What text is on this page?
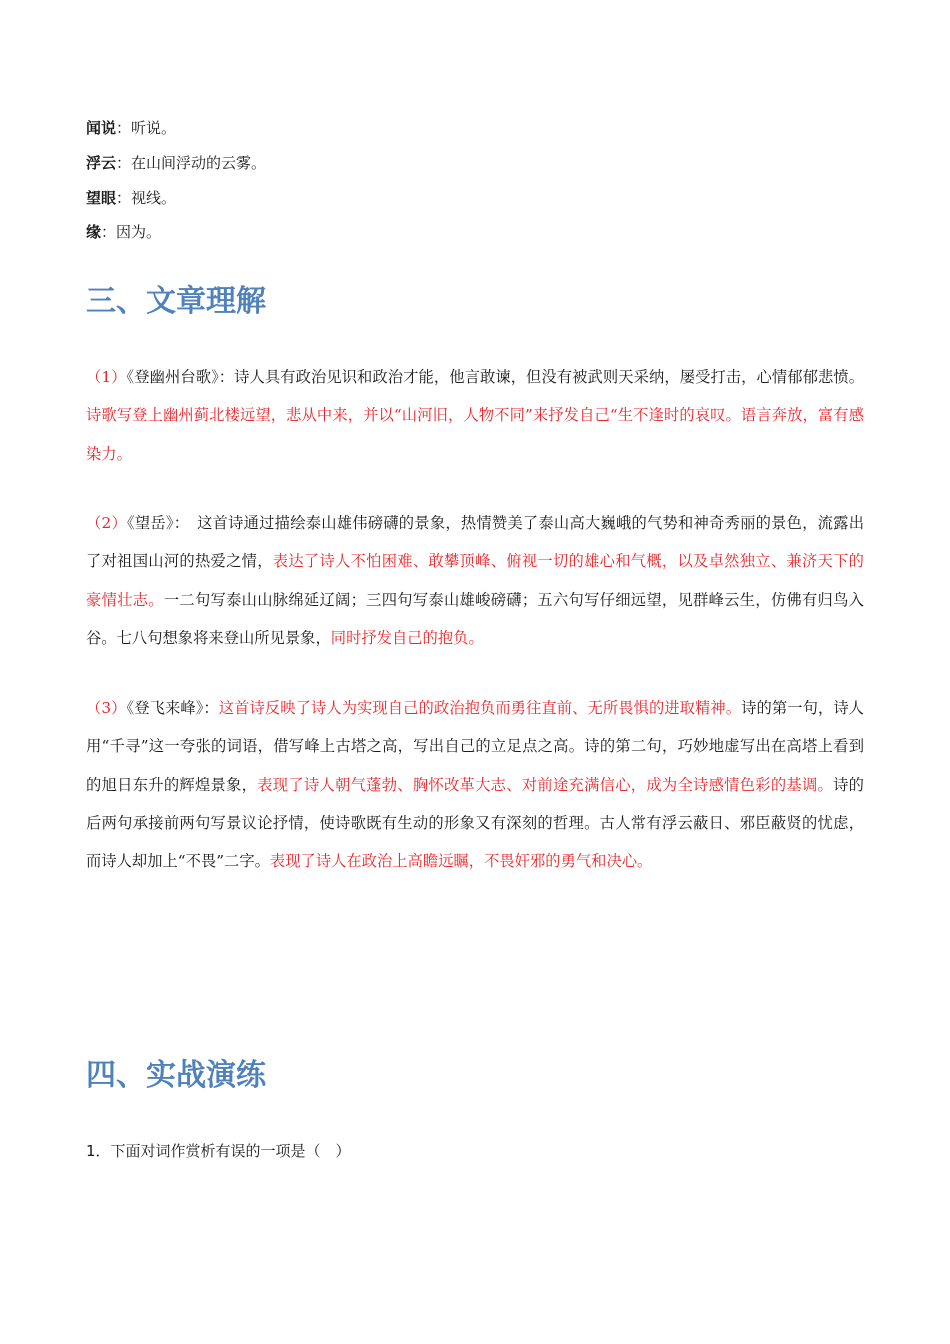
闻说：听说。
浮云：在山间浮动的云雾。
望眼：视线。
缘：因为。
三、文章理解

（1）《登幽州台歌》：诗人具有政治见识和政治才能，他言敢谏，但没有被武则天采纳，屡受打击，心情郁郁悲愤。诗歌写登上幽州蓟北楼远望，悲从中来，并以“山河旧，人物不同”来抒发自己“生不逢时的哀叹。语言奔放，富有感染力。

（2）《望岳》：　这首诗通过描绘泰山雄伟磅礴的景象，热情赞美了泰山高大巍峨的气势和神奇秀丽的景色，流露出了对祖国山河的热爱之情，表达了诗人不怕困难、敢攀顶峰、俯视一切的雄心和气概，以及卓然独立、兼济天下的豪情壮志。一二句写泰山山脉绵延辽阔；三四句写泰山雄峻磅礴；五六句写仔细远望，见群峰云生，仿佛有归鸟入谷。七八句想象将来登山所见景象，同时抒发自己的抱负。

（3）《登飞来峰》：这首诗反映了诗人为实现自己的政治抱负而勇往直前、无所畏惧的进取精神。诗的第一句，诗人用“千寻”这一夸张的词语，借写峰上古塔之高，写出自己的立足点之高。诗的第二句，巧妙地虚写出在高塔上看到的旭日东升的辉煌景象，表现了诗人朝气蓬勃、胸怀改革大志、对前途充满信心，成为全诗感情色彩的基调。诗的后两句承接前两句写景议论抒情，使诗歌既有生动的形象又有深刻的哲理。古人常有浮云蔽日、邪臣蔽贤的忧虑，而诗人却加上“不畏”二字。表现了诗人在政治上高瞻远瞩，不畏奸邪的勇气和决心。

四、实战演练
1．下面对词作赏析有误的一项是（　）
